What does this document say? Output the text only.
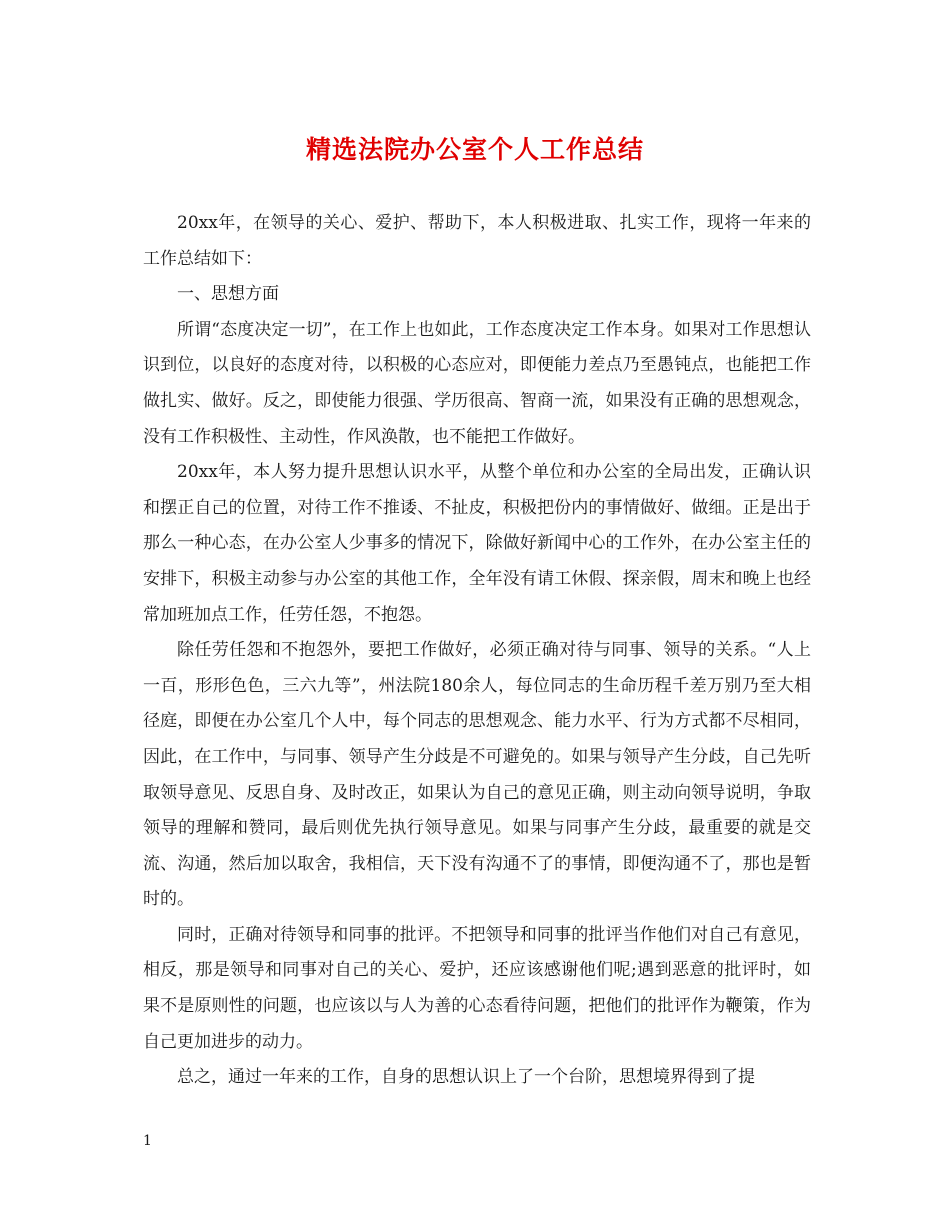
精选法院办公室个人工作总结

20xx年，在领导的关心、爱护、帮助下，本人积极进取、扎实工作，现将一年来的工作总结如下：

一、思想方面

所谓“态度决定一切”，在工作上也如此，工作态度决定工作本身。如果对工作思想认识到位，以良好的态度对待，以积极的心态应对，即便能力差点乃至愚钝点，也能把工作做扎实、做好。反之，即使能力很强、学历很高、智商一流，如果没有正确的思想观念，没有工作积极性、主动性，作风涣散，也不能把工作做好。

20xx年，本人努力提升思想认识水平，从整个单位和办公室的全局出发，正确认识和摆正自己的位置，对待工作不推诿、不扯皮，积极把份内的事情做好、做细。正是出于那么一种心态，在办公室人少事多的情况下，除做好新闻中心的工作外，在办公室主任的安排下，积极主动参与办公室的其他工作，全年没有请工休假、探亲假，周末和晚上也经常加班加点工作，任劳任怨，不抱怨。

除任劳任怨和不抱怨外，要把工作做好，必须正确对待与同事、领导的关系。“人上一百，形形色色，三六九等”，州法院180余人，每位同志的生命历程千差万别乃至大相径庭，即便在办公室几个人中，每个同志的思想观念、能力水平、行为方式都不尽相同，因此，在工作中，与同事、领导产生分歧是不可避免的。如果与领导产生分歧，自己先听取领导意见、反思自身、及时改正，如果认为自己的意见正确，则主动向领导说明，争取领导的理解和赞同，最后则优先执行领导意见。如果与同事产生分歧，最重要的就是交流、沟通，然后加以取舍，我相信，天下没有沟通不了的事情，即便沟通不了，那也是暂时的。

同时，正确对待领导和同事的批评。不把领导和同事的批评当作他们对自己有意见，相反，那是领导和同事对自己的关心、爱护，还应该感谢他们呢;遇到恶意的批评时，如果不是原则性的问题，也应该以与人为善的心态看待问题，把他们的批评作为鞭策，作为自己更加进步的动力。

总之，通过一年来的工作，自身的思想认识上了一个台阶，思想境界得到了提

1
